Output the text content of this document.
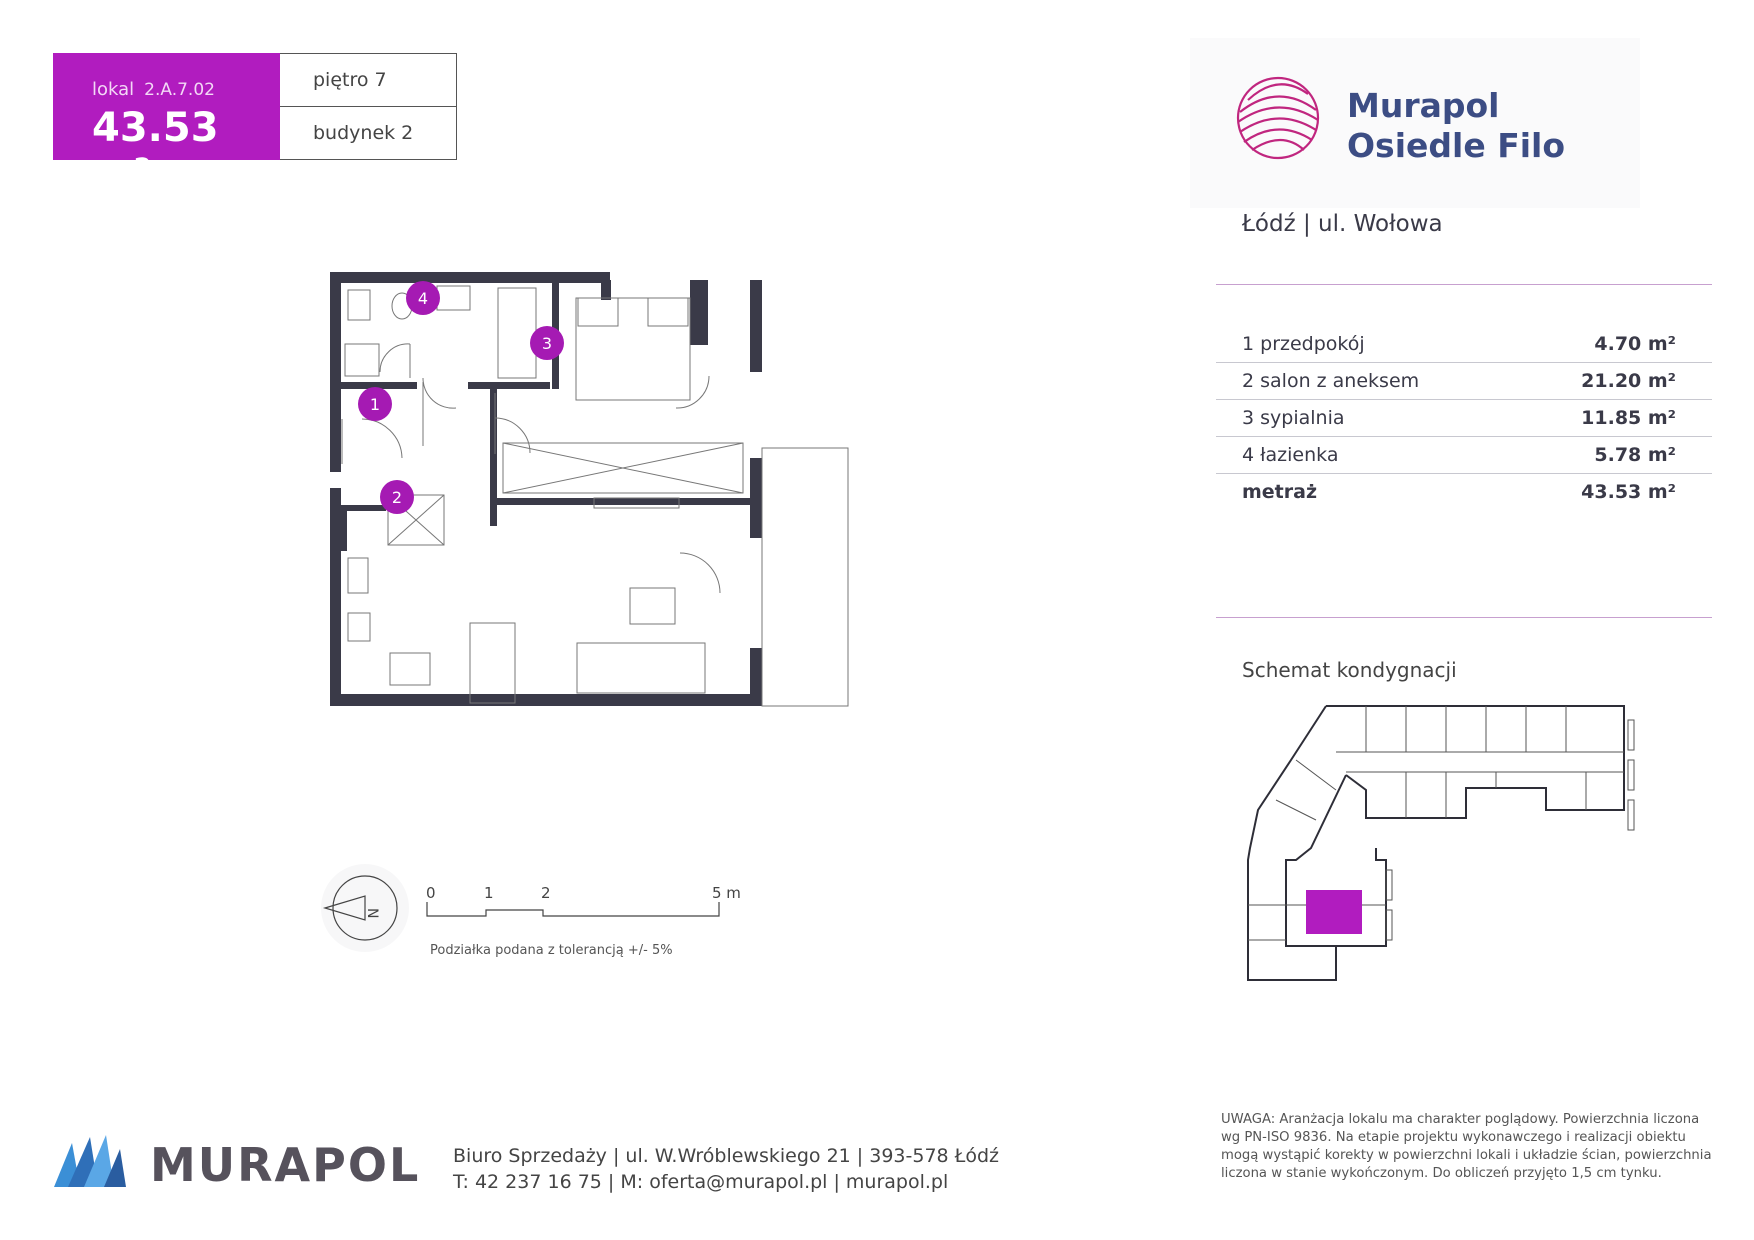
lokal 2.A.7.02
43.53 m²
piętro 7
budynek 2
Murapol
Osiedle Filo
Łódź | ul. Wołowa
1 przedpokój	4.70 m²
2 salon z aneksem	21.20 m²
3 sypialnia	11.85 m²
4 łazienka	5.78 m²
metraż	43.53 m²
Schemat kondygnacji
4
3
1
2
N
0	1	2	5 m
Podziałka podana z tolerancją +/- 5%
MURAPOL Biuro Sprzedaży | ul. W.Wróblewskiego 21 | 393-578 Łódź
T: 42 237 16 75 | M: oferta@murapol.pl | murapol.pl
UWAGA: Aranżacja lokalu ma charakter poglądowy. Powierzchnia liczona wg PN-ISO 9836. Na etapie projektu wykonawczego i realizacji obiektu mogą wystąpić korekty w powierzchni lokali i układzie ścian, powierzchnia liczona w stanie wykończonym. Do obliczeń przyjęto 1,5 cm tynku.
